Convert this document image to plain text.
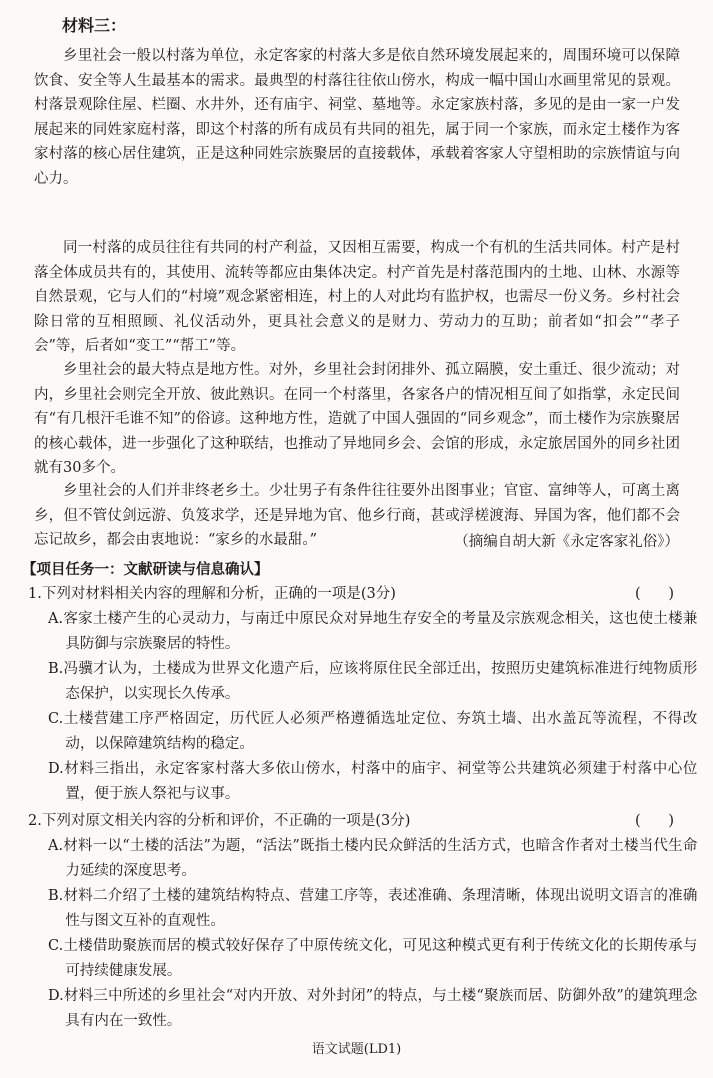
材料三：

乡里社会一般以村落为单位，永定客家的村落大多是依自然环境发展起来的，周围环境可以保障饮食、安全等人生最基本的需求。最典型的村落往往依山傍水，构成一幅中国山水画里常见的景观。村落景观除住屋、栏圈、水井外，还有庙宇、祠堂、墓地等。永定家族村落，多见的是由一家一户发展起来的同姓家庭村落，即这个村落的所有成员有共同的祖先，属于同一个家族，而永定土楼作为客家村落的核心居住建筑，正是这种同姓宗族聚居的直接载体，承载着客家人守望相助的宗族情谊与向心力。

同一村落的成员往往有共同的村产利益，又因相互需要，构成一个有机的生活共同体。村产是村落全体成员共有的，其使用、流转等都应由集体决定。村产首先是村落范围内的土地、山林、水源等自然景观，它与人们的“村境”观念紧密相连，村上的人对此均有监护权，也需尽一份义务。乡村社会除日常的互相照顾、礼仪活动外，更具社会意义的是财力、劳动力的互助；前者如“扣会”“孝子会”等，后者如“变工”“帮工”等。

乡里社会的最大特点是地方性。对外，乡里社会封闭排外、孤立隔膜，安土重迁、很少流动；对内，乡里社会则完全开放、彼此熟识。在同一个村落里，各家各户的情况相互间了如指掌，永定民间有“有几根汗毛谁不知”的俗谚。这种地方性，造就了中国人强固的“同乡观念”，而土楼作为宗族聚居的核心载体，进一步强化了这种联结，也推动了异地同乡会、会馆的形成，永定旅居国外的同乡社团就有30多个。

乡里社会的人们并非终老乡土。少壮男子有条件往往要外出图事业；官宦、富绅等人，可离土离乡，但不管仗剑远游、负笈求学，还是异地为官、他乡行商，甚或浮槎渡海、异国为客，他们都不会忘记故乡，都会由衷地说：“家乡的水最甜。”	（摘编自胡大新《永定客家礼俗》）
【项目任务一：文献研读与信息确认】
1.下列对材料相关内容的理解和分析，正确的一项是(3分)	(      )
A.客家土楼产生的心灵动力，与南迁中原民众对异地生存安全的考量及宗族观念相关，这也使土楼兼具防御与宗族聚居的特性。
B.冯骥才认为，土楼成为世界文化遗产后，应该将原住民全部迁出，按照历史建筑标准进行纯物质形态保护，以实现长久传承。
C.土楼营建工序严格固定，历代匠人必须严格遵循选址定位、夯筑土墙、出水盖瓦等流程，不得改动，以保障建筑结构的稳定。
D.材料三指出，永定客家村落大多依山傍水，村落中的庙宇、祠堂等公共建筑必须建于村落中心位置，便于族人祭祀与议事。
2.下列对原文相关内容的分析和评价，不正确的一项是(3分)	(      )
A.材料一以“土楼的活法”为题，“活法”既指土楼内民众鲜活的生活方式，也暗含作者对土楼当代生命力延续的深度思考。
B.材料二介绍了土楼的建筑结构特点、营建工序等，表述准确、条理清晰，体现出说明文语言的准确性与图文互补的直观性。
C.土楼借助聚族而居的模式较好保存了中原传统文化，可见这种模式更有利于传统文化的长期传承与可持续健康发展。
D.材料三中所述的乡里社会“对内开放、对外封闭”的特点，与土楼“聚族而居、防御外敌”的建筑理念具有内在一致性。
语文试题(LD1)
